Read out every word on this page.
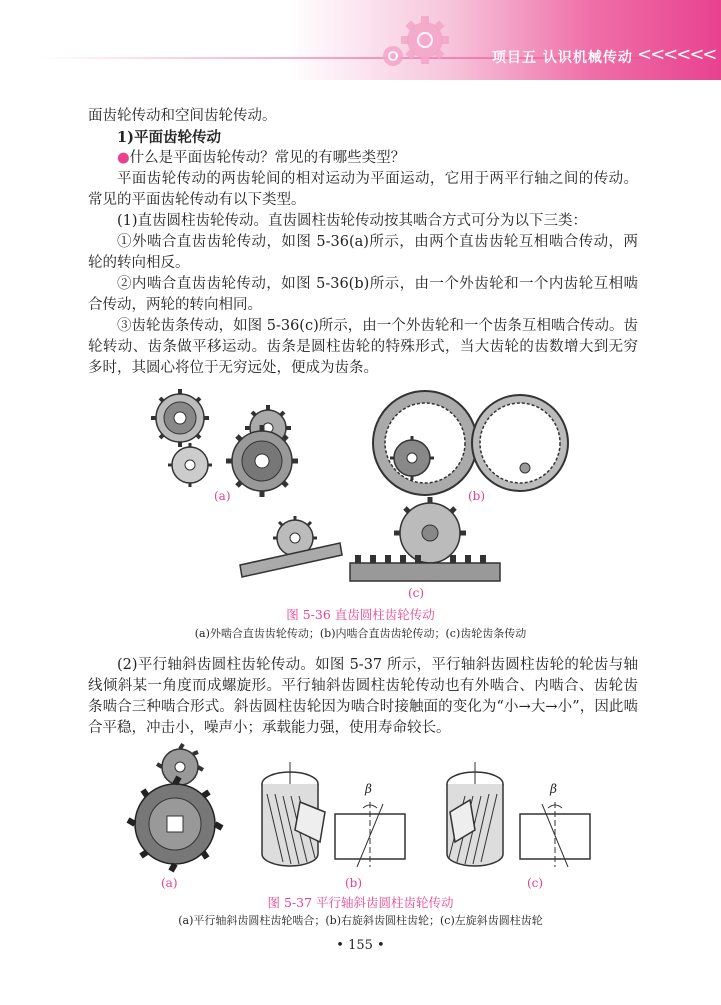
项目五 认识机械传动 <<<<<<

面齿轮传动和空间齿轮传动。

1)平面齿轮传动

●什么是平面齿轮传动？常见的有哪些类型？

平面齿轮传动的两齿轮间的相对运动为平面运动，它用于两平行轴之间的传动。常见的平面齿轮传动有以下类型。

(1)直齿圆柱齿轮传动。直齿圆柱齿轮传动按其啮合方式可分为以下三类：

①外啮合直齿齿轮传动，如图 5-36(a)所示，由两个直齿齿轮互相啮合传动，两轮的转向相反。

②内啮合直齿齿轮传动，如图 5-36(b)所示，由一个外齿轮和一个内齿轮互相啮合传动，两轮的转向相同。

③齿轮齿条传动，如图 5-36(c)所示，由一个外齿轮和一个齿条互相啮合传动。齿轮转动、齿条做平移运动。齿条是圆柱齿轮的特殊形式，当大齿轮的齿数增大到无穷多时，其圆心将位于无穷远处，便成为齿条。

(a)	(b)
(c)
图 5-36 直齿圆柱齿轮传动
(a)外啮合直齿齿轮传动；(b)内啮合直齿齿轮传动；(c)齿轮齿条传动

(2)平行轴斜齿圆柱齿轮传动。如图 5-37 所示，平行轴斜齿圆柱齿轮的轮齿与轴线倾斜某一角度而成螺旋形。平行轴斜齿圆柱齿轮传动也有外啮合、内啮合、齿轮齿条啮合三种啮合形式。斜齿圆柱齿轮因为啮合时接触面的变化为“小→大→小”，因此啮合平稳，冲击小，噪声小；承载能力强，使用寿命较长。

β	β
(a)	(b)	(c)
图 5-37 平行轴斜齿圆柱齿轮传动
(a)平行轴斜齿圆柱齿轮啮合；(b)右旋斜齿圆柱齿轮；(c)左旋斜齿圆柱齿轮
• 155 •
